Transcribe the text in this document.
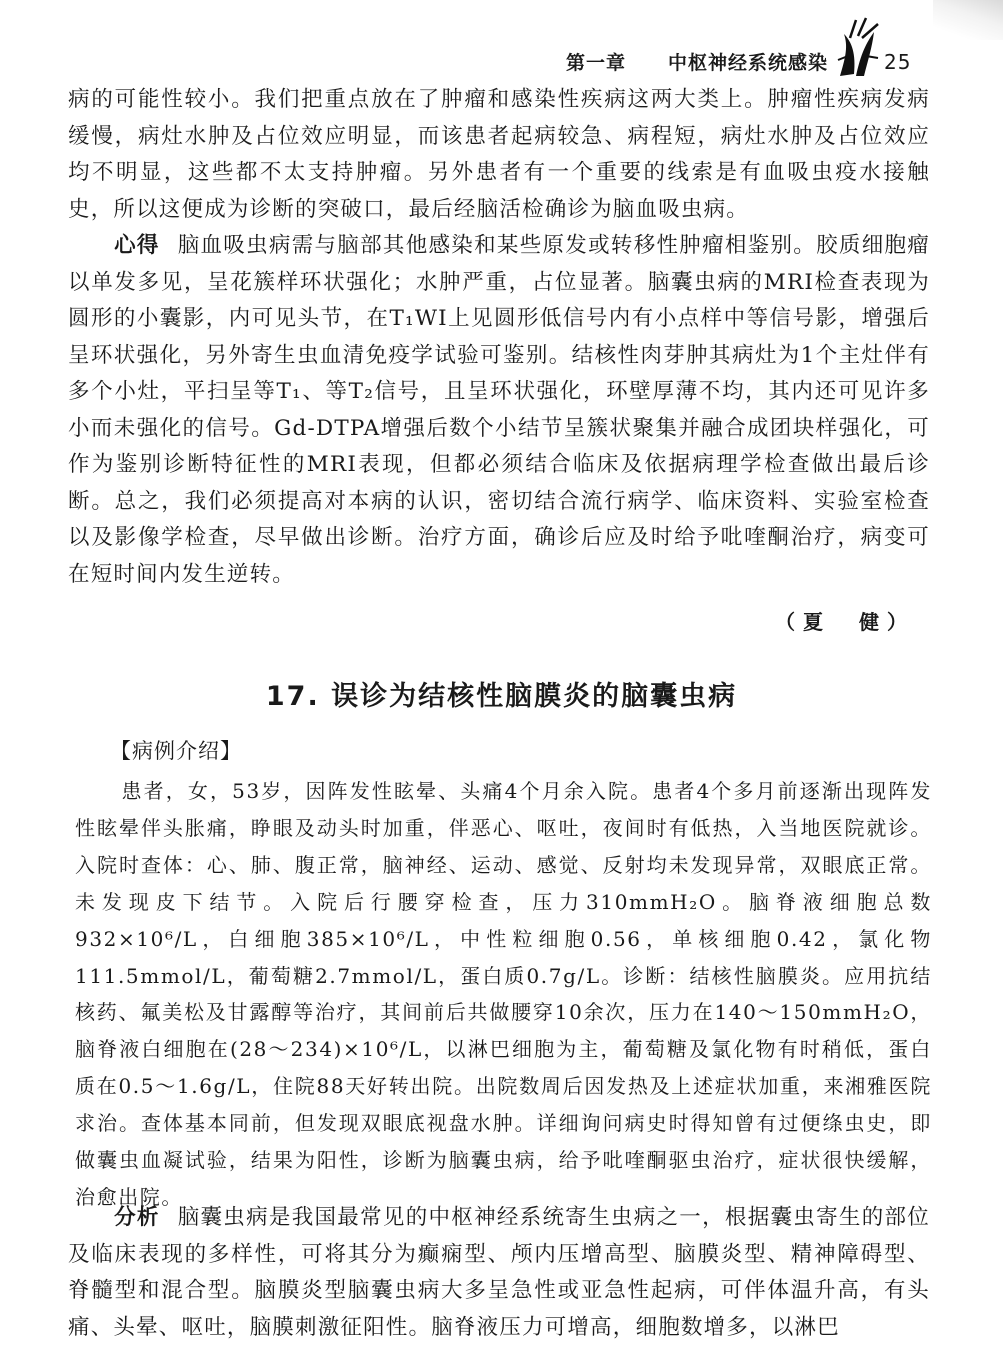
第一章 中枢神经系统感染	25

病的可能性较小。我们把重点放在了肿瘤和感染性疾病这两大类上。肿瘤性疾病发病缓慢，病灶水肿及占位效应明显，而该患者起病较急、病程短，病灶水肿及占位效应均不明显，这些都不太支持肿瘤。另外患者有一个重要的线索是有血吸虫疫水接触史，所以这便成为诊断的突破口，最后经脑活检确诊为脑血吸虫病。

心得 脑血吸虫病需与脑部其他感染和某些原发或转移性肿瘤相鉴别。胶质细胞瘤以单发多见，呈花簇样环状强化；水肿严重，占位显著。脑囊虫病的MRI检查表现为圆形的小囊影，内可见头节，在T₁WI上见圆形低信号内有小点样中等信号影，增强后呈环状强化，另外寄生虫血清免疫学试验可鉴别。结核性肉芽肿其病灶为1个主灶伴有多个小灶，平扫呈等T₁、等T₂信号，且呈环状强化，环壁厚薄不均，其内还可见许多小而未强化的信号。Gd-DTPA增强后数个小结节呈簇状聚集并融合成团块样强化，可作为鉴别诊断特征性的MRI表现，但都必须结合临床及依据病理学检查做出最后诊断。总之，我们必须提高对本病的认识，密切结合流行病学、临床资料、实验室检查以及影像学检查，尽早做出诊断。治疗方面，确诊后应及时给予吡喹酮治疗，病变可在短时间内发生逆转。

（夏　健）
17. 误诊为结核性脑膜炎的脑囊虫病
【病例介绍】

患者，女，53岁，因阵发性眩晕、头痛4个月余入院。患者4个多月前逐渐出现阵发性眩晕伴头胀痛，睁眼及动头时加重，伴恶心、呕吐，夜间时有低热，入当地医院就诊。入院时查体：心、肺、腹正常，脑神经、运动、感觉、反射均未发现异常，双眼底正常。未发现皮下结节。入院后行腰穿检查，压力310mmH₂O。脑脊液细胞总数932×10⁶/L，白细胞385×10⁶/L，中性粒细胞0.56，单核细胞0.42，氯化物111.5mmol/L，葡萄糖2.7mmol/L，蛋白质0.7g/L。诊断：结核性脑膜炎。应用抗结核药、氟美松及甘露醇等治疗，其间前后共做腰穿10余次，压力在140～150mmH₂O，脑脊液白细胞在(28～234)×10⁶/L，以淋巴细胞为主，葡萄糖及氯化物有时稍低，蛋白质在0.5～1.6g/L，住院88天好转出院。出院数周后因发热及上述症状加重，来湘雅医院求治。查体基本同前，但发现双眼底视盘水肿。详细询问病史时得知曾有过便绦虫史，即做囊虫血凝试验，结果为阳性，诊断为脑囊虫病，给予吡喹酮驱虫治疗，症状很快缓解，治愈出院。

分析 脑囊虫病是我国最常见的中枢神经系统寄生虫病之一，根据囊虫寄生的部位及临床表现的多样性，可将其分为癫痫型、颅内压增高型、脑膜炎型、精神障碍型、脊髓型和混合型。脑膜炎型脑囊虫病大多呈急性或亚急性起病，可伴体温升高，有头痛、头晕、呕吐，脑膜刺激征阳性。脑脊液压力可增高，细胞数增多，以淋巴
